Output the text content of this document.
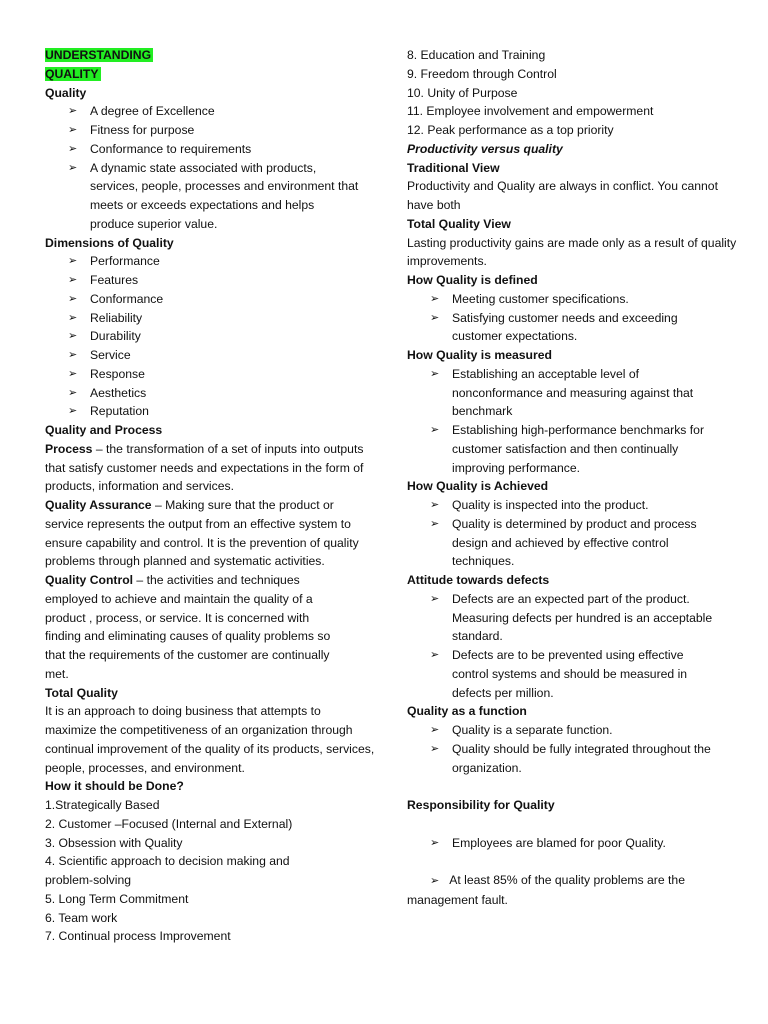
UNDERSTANDING
QUALITY
Quality
➢ A degree of Excellence
➢ Fitness for purpose
➢ Conformance to requirements
➢ A dynamic state associated with products, services, people, processes and environment that meets or exceeds expectations and helps produce superior value.
Dimensions of Quality
➢ Performance
➢ Features
➢ Conformance
➢ Reliability
➢ Durability
➢ Service
➢ Response
➢ Aesthetics
➢ Reputation
Quality and Process
Process – the transformation of a set of inputs into outputs that satisfy customer needs and expectations in the form of products, information and services.
Quality Assurance – Making sure that the product or service represents the output from an effective system to ensure capability and control. It is the prevention of quality problems through planned and systematic activities.
Quality Control – the activities and techniques employed to achieve and maintain the quality of a product , process, or service. It is concerned with finding and eliminating causes of quality problems so that the requirements of the customer are continually met.
Total Quality
It is an approach to doing business that attempts to maximize the competitiveness of an organization through continual improvement of the quality of its products, services, people, processes, and environment.
How it should be Done?
1.Strategically Based
2. Customer –Focused (Internal and External)
3. Obsession with Quality
4. Scientific approach to decision making and problem-solving
5. Long Term Commitment
6. Team work
7. Continual process Improvement
8. Education and Training
9. Freedom through Control
10. Unity of Purpose
11. Employee involvement and empowerment
12. Peak performance as a top priority
Productivity versus quality
Traditional View
Productivity and Quality are always in conflict. You cannot have both
Total Quality View
Lasting productivity gains are made only as a result of quality improvements.
How Quality is defined
➢ Meeting customer specifications.
➢ Satisfying customer needs and exceeding customer expectations.
How Quality is measured
➢ Establishing an acceptable level of nonconformance and measuring against that benchmark
➢ Establishing high-performance benchmarks for customer satisfaction and then continually improving performance.
How Quality is Achieved
➢ Quality is inspected into the product.
➢ Quality is determined by product and process design and achieved by effective control techniques.
Attitude towards defects
➢ Defects are an expected part of the product. Measuring defects per hundred is an acceptable standard.
➢ Defects are to be prevented using effective control systems and should be measured in defects per million.
Quality as a function
➢ Quality is a separate function.
➢ Quality should be fully integrated throughout the organization.
Responsibility for Quality
➢ Employees are blamed for poor Quality.
➢ At least 85% of the quality problems are the management fault.
